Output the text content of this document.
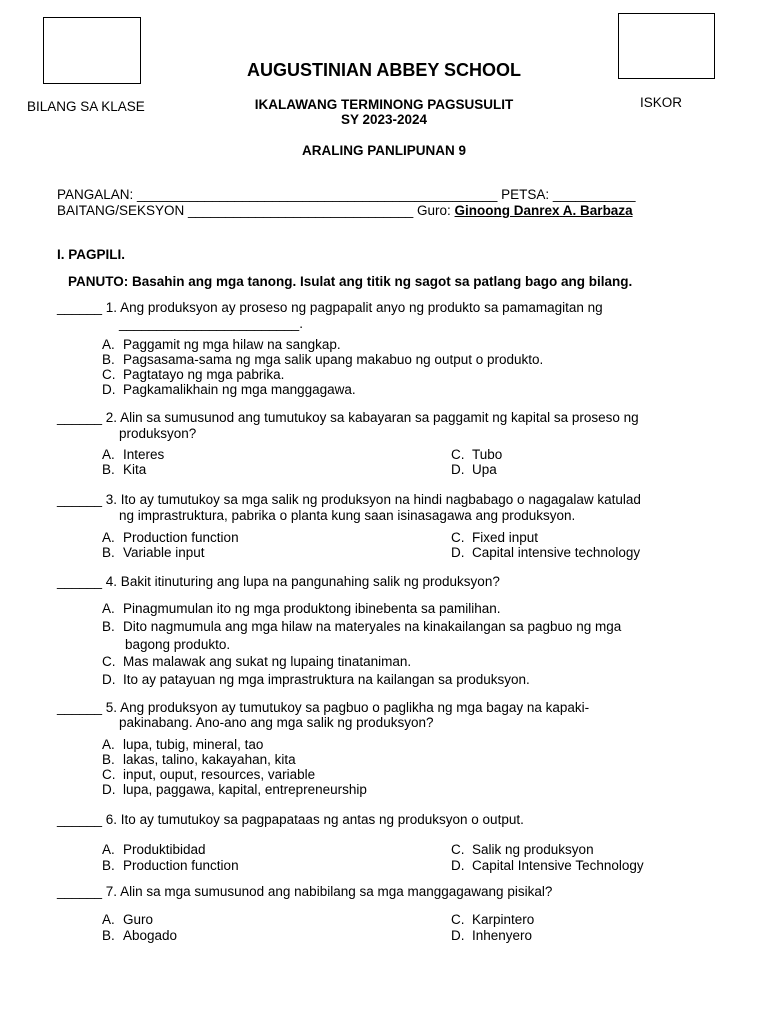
AUGUSTINIAN ABBEY SCHOOL
BILANG SA KLASE	ISKOR
IKALAWANG TERMINONG PAGSUSULIT
SY 2023-2024
ARALING PANLIPUNAN 9
PANGALAN: ________________________________________________ PETSA: ___________
BAITANG/SEKSYON ______________________________ Guro: Ginoong Danrex A. Barbaza
I. PAGPILI.
PANUTO: Basahin ang mga tanong. Isulat ang titik ng sagot sa patlang bago ang bilang.
______ 1. Ang produksyon ay proseso ng pagpapalit anyo ng produkto sa pamamagitan ng
________________________.
A. Paggamit ng mga hilaw na sangkap.
B. Pagsasama-sama ng mga salik upang makabuo ng output o produkto.
C. Pagtatayo ng mga pabrika.
D. Pagkamalikhain ng mga manggagawa.
______ 2. Alin sa sumusunod ang tumutukoy sa kabayaran sa paggamit ng kapital sa proseso ng
produksyon?
A. Interes	C. Tubo
B. Kita	D. Upa
______ 3. Ito ay tumutukoy sa mga salik ng produksyon na hindi nagbabago o nagagalaw katulad
ng imprastruktura, pabrika o planta kung saan isinasagawa ang produksyon.
A. Production function	C. Fixed input
B. Variable input	D. Capital intensive technology
______ 4. Bakit itinuturing ang lupa na pangunahing salik ng produksyon?
A. Pinagmumulan ito ng mga produktong ibinebenta sa pamilihan.
B. Dito nagmumula ang mga hilaw na materyales na kinakailangan sa pagbuo ng mga
bagong produkto.
C. Mas malawak ang sukat ng lupaing tinataniman.
D. Ito ay patayuan ng mga imprastruktura na kailangan sa produksyon.
______ 5. Ang produksyon ay tumutukoy sa pagbuo o paglikha ng mga bagay na kapaki-
pakinabang. Ano-ano ang mga salik ng produksyon?
A. lupa, tubig, mineral, tao
B. lakas, talino, kakayahan, kita
C. input, ouput, resources, variable
D. lupa, paggawa, kapital, entrepreneurship
______ 6. Ito ay tumutukoy sa pagpapataas ng antas ng produksyon o output.
A. Produktibidad	C. Salik ng produksyon
B. Production function	D. Capital Intensive Technology
______ 7. Alin sa mga sumusunod ang nabibilang sa mga manggagawang pisikal?
A. Guro	C. Karpintero
B. Abogado	D. Inhenyero
